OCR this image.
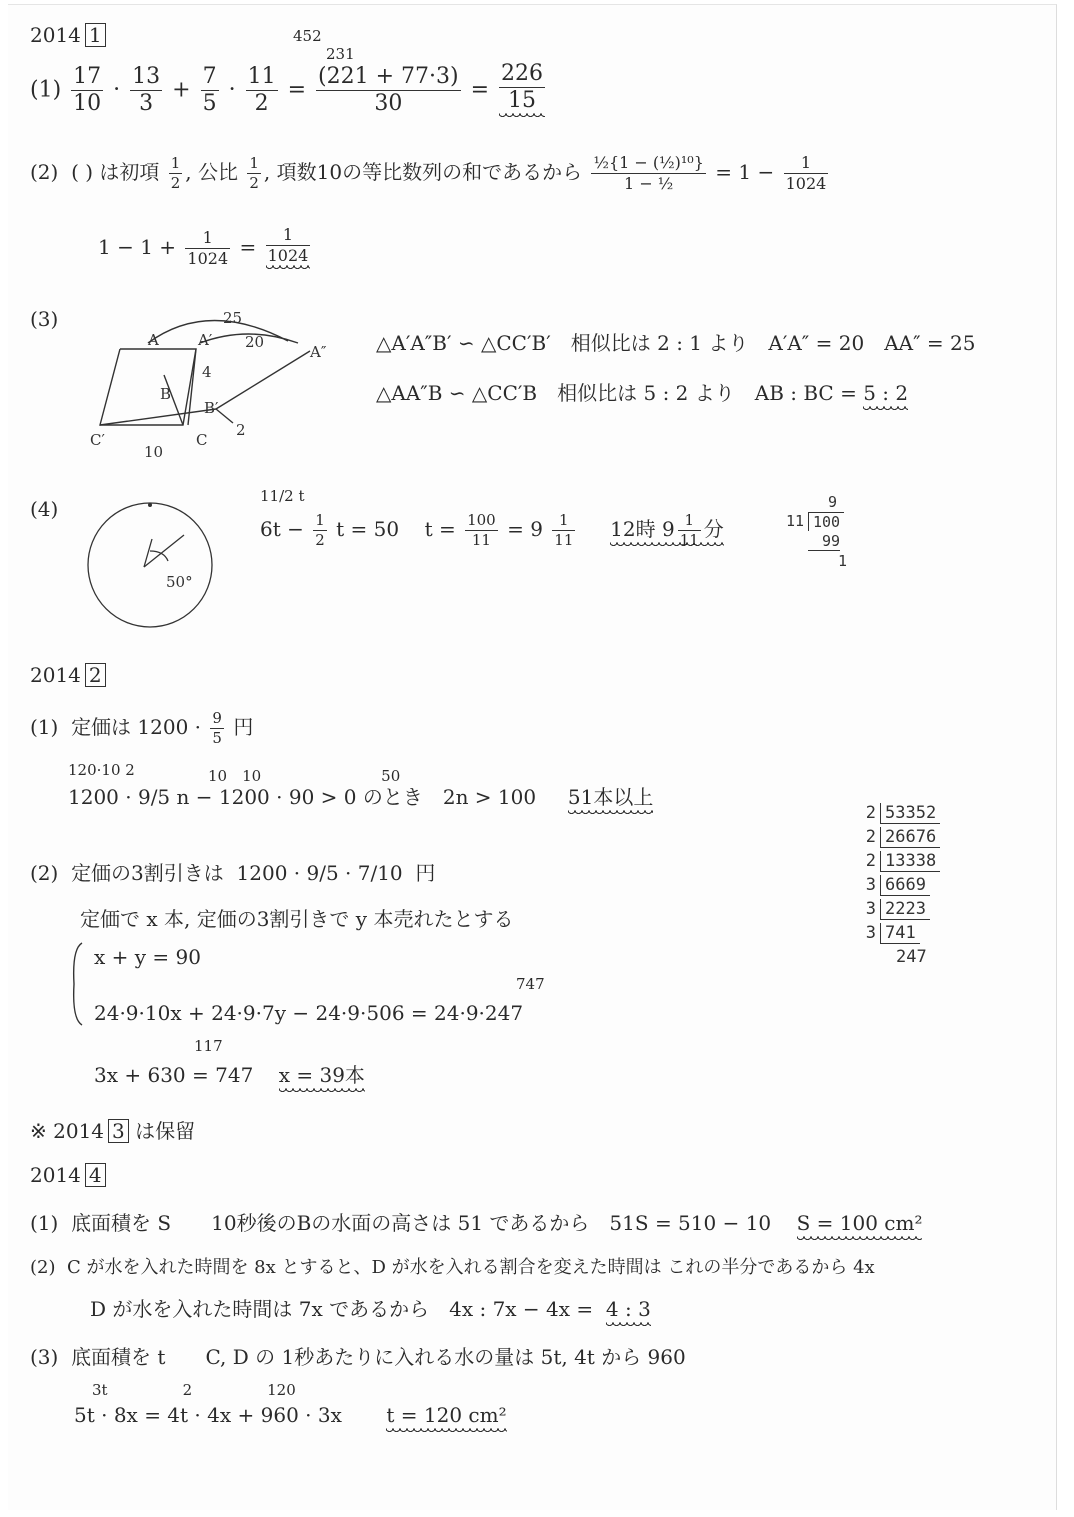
2014 1
$(1) \frac{17}{10} \cdot \frac{13}{3} + \frac{7}{5} \cdot \frac{11}{2} = \frac{(221 + 77\cdot 3)}{30} = \frac{226}{15}$
452
231
(2) ( ) は初項 $\frac{1}{2}$ , 公比 $\frac{1}{2}$ , 項数10の等比数列の和であるから $\frac{\text{½\{1 − (½)¹⁰\}}}{\text{1 − ½}} = 1 - \frac{1}{1024}$
$1 - 1 + \frac{1}{1024} = \frac{1}{1024}$
(3)
A	A′
A″
B
B′
C
C′
25
20
4
2
10
△A′A″B′ ∽ △CC′B′　相似比は 2 : 1 より　A′A″ = 20　AA″ = 25
△AA″B ∽ △CC′B　相似比は 5 : 2 より　AB : BC = 5 : 2
(4)
50°
11/2 t
$6t - \frac{1}{2}$ t = 50 $t = \frac{100}{11} = 9 \frac{1}{11} 12$時 $9 \frac{1}{11}$ 分
9
11 100
99
1
2014 2
(1) 定価は $1200 \cdot \frac{9}{5}$ 円
120·10 2
1200 · 9/5 n − 1200 · 90 > 0 のとき　2n > 100 51本以上
10　10　　　　　　　　50
(2) 定価の3割引きは 1200 · 9/5 · 7/10 円
定価で x 本, 定価の3割引きで y 本売れたとする
x + y = 90
747
24·9·10x + 24·9·7y − 24·9·506 = 24·9·247
117
3x + 630 = 747 x = 39本
2 53352
2 26676
2 13338
3 6669
3 2223
3 741
247
※ 2014 3 は保留
2014 4
(1) 底面積を S　　10秒後のBの水面の高さは 51 であるから　51S = 510 − 10 S = 100 cm²
(2) C が水を入れた時間を 8x とすると、D が水を入れる割合を変えた時間は これの半分であるから 4x
D が水を入れた時間は 7x であるから　4x : 7x − 4x = 4 : 3
(3) 底面積を t　　C, D の 1秒あたりに入れる水の量は 5t, 4t から 960
3t　　　　　2　　　　　120
5t · 8x = 4t · 4x + 960 · 3x t = 120 cm²
